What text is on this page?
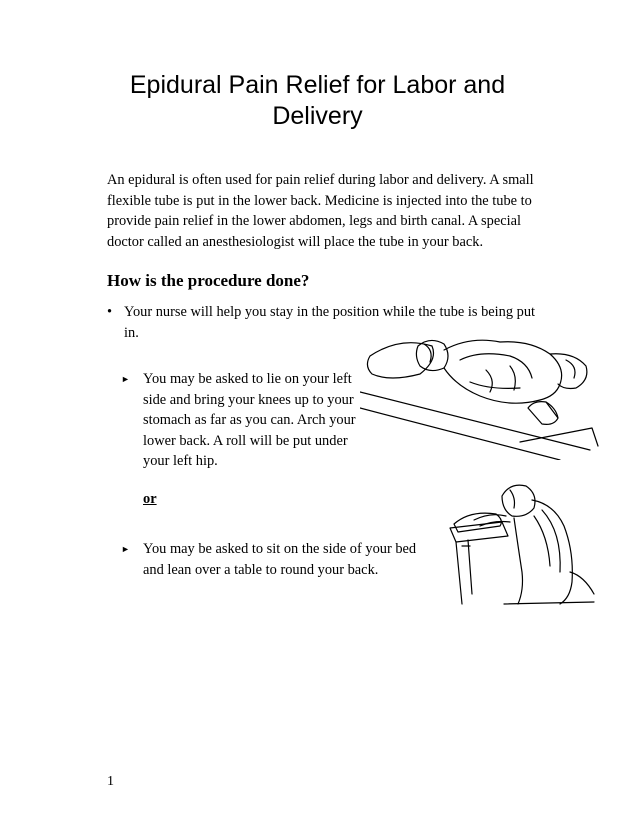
Epidural Pain Relief for Labor and Delivery

An epidural is often used for pain relief during labor and delivery. A small flexible tube is put in the lower back. Medicine is injected into the tube to provide pain relief in the lower abdomen, legs and birth canal. A special doctor called an anesthesiologist will place the tube in your back.

How is the procedure done?
• Your nurse will help you stay in the position while the tube is being put in.
► You may be asked to lie on your left side and bring your knees up to your stomach as far as you can. Arch your lower back. A roll will be put under your left hip.
or
► You may be asked to sit on the side of your bed and lean over a table to round your back.
1
